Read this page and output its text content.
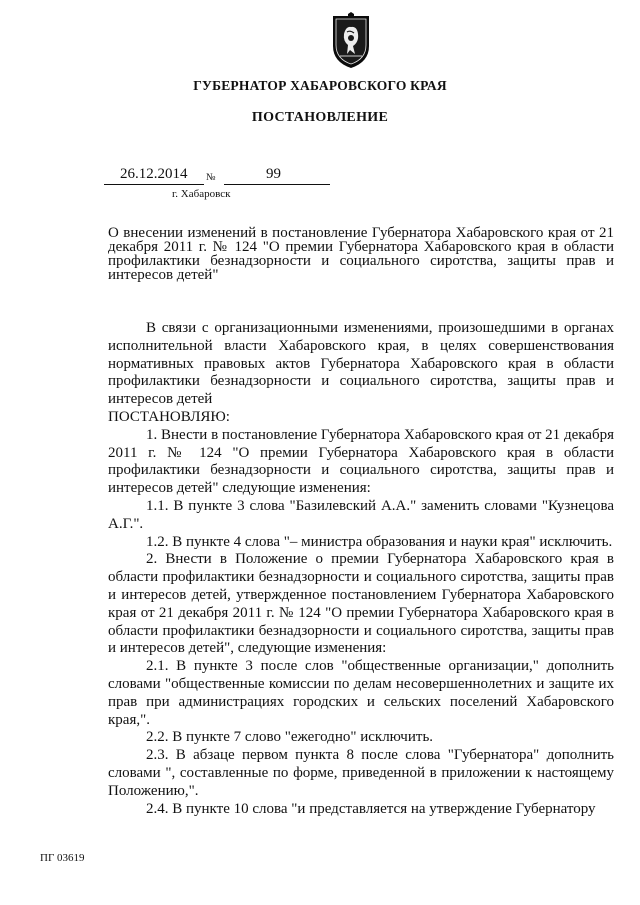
ГУБЕРНАТОР ХАБАРОВСКОГО КРАЯ
ПОСТАНОВЛЕНИЕ
26.12.2014 №	99
г. Хабаровск
О внесении изменений в постановление Губернатора Хабаровского края от 21 декабря 2011 г. № 124 "О премии Губернатора Хабаровского края в области профилактики безнадзорности и социального сиротства, защиты прав и интересов детей"

В связи с организационными изменениями, произошедшими в органах исполнительной власти Хабаровского края, в целях совершенствования нормативных правовых актов Губернатора Хабаровского края в области профилактики безнадзорности и социального сиротства, защиты прав и интересов детей

ПОСТАНОВЛЯЮ:

1. Внести в постановление Губернатора Хабаровского края от 21 декабря 2011 г. № 124 "О премии Губернатора Хабаровского края в области профилактики безнадзорности и социального сиротства, защиты прав и интересов детей" следующие изменения:

1.1. В пункте 3 слова "Базилевский А.А." заменить словами "Кузнецова А.Г.".

1.2. В пункте 4 слова "– министра образования и науки края" исключить.

2. Внести в Положение о премии Губернатора Хабаровского края в области профилактики безнадзорности и социального сиротства, защиты прав и интересов детей, утвержденное постановлением Губернатора Хабаровского края от 21 декабря 2011 г. № 124 "О премии Губернатора Хабаровского края в области профилактики безнадзорности и социального сиротства, защиты прав и интересов детей", следующие изменения:

2.1. В пункте 3 после слов "общественные организации," дополнить словами "общественные комиссии по делам несовершеннолетних и защите их прав при администрациях городских и сельских поселений Хабаровского края,".

2.2. В пункте 7 слово "ежегодно" исключить.

2.3. В абзаце первом пункта 8 после слова "Губернатора" дополнить словами ", составленные по форме, приведенной в приложении к настоящему Положению,".

2.4. В пункте 10 слова "и представляется на утверждение Губернатору

ПГ 03619
